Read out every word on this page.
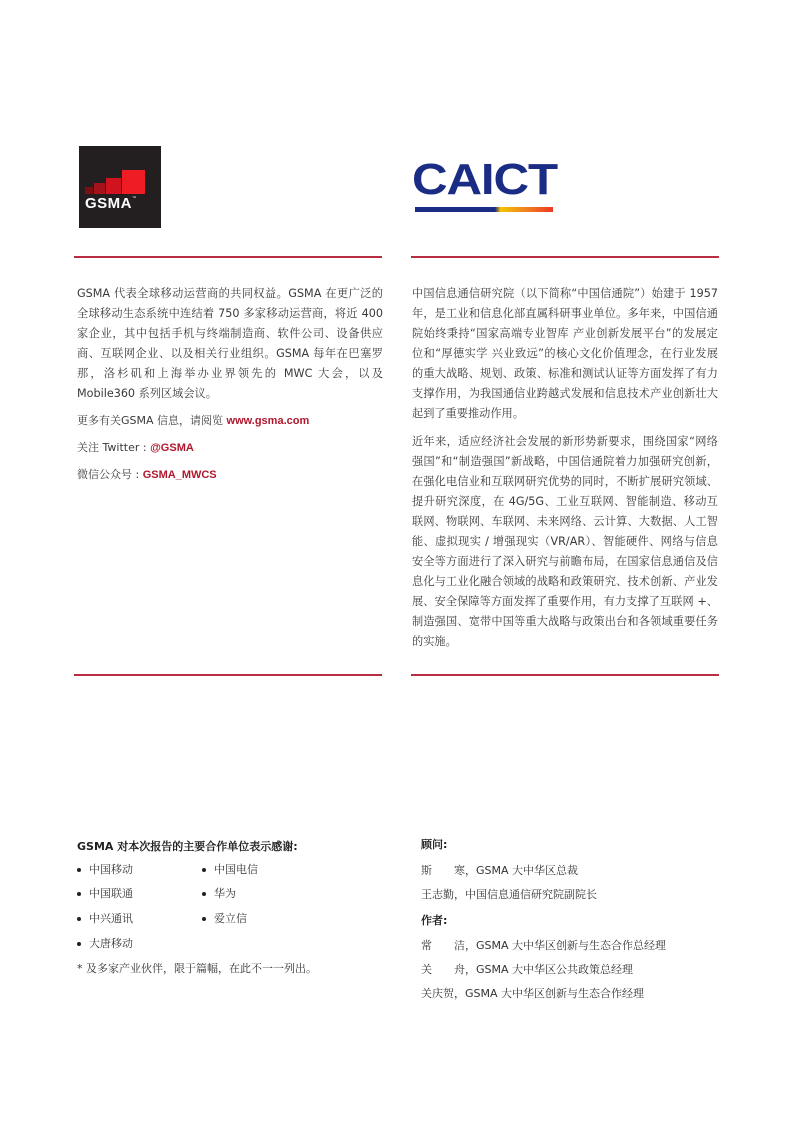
GSMA™	CAICT

GSMA 代表全球移动运营商的共同权益。GSMA 在更广泛的全球移动生态系统中连结着 750 多家移动运营商，将近 400 家企业，其中包括手机与终端制造商、软件公司、设备供应商、互联网企业、以及相关行业组织。GSMA 每年在巴塞罗那，洛杉矶和上海举办业界领先的 MWC 大会，以及 Mobile360 系列区域会议。

更多有关GSMA 信息，请阅览 www.gsma.com

关注 Twitter : @GSMA

微信公众号 : GSMA_MWCS

中国信息通信研究院（以下简称“中国信通院”）始建于 1957 年，是工业和信息化部直属科研事业单位。多年来，中国信通院始终秉持“国家高端专业智库 产业创新发展平台”的发展定位和“厚德实学 兴业致远”的核心文化价值理念，在行业发展的重大战略、规划、政策、标准和测试认证等方面发挥了有力支撑作用，为我国通信业跨越式发展和信息技术产业创新壮大起到了重要推动作用。

近年来，适应经济社会发展的新形势新要求，围绕国家“网络强国”和“制造强国”新战略，中国信通院着力加强研究创新，在强化电信业和互联网研究优势的同时，不断扩展研究领域、提升研究深度，在 4G/5G、工业互联网、智能制造、移动互联网、物联网、车联网、未来网络、云计算、大数据、人工智能、虚拟现实 / 增强现实（VR/AR）、智能硬件、网络与信息安全等方面进行了深入研究与前瞻布局，在国家信息通信及信息化与工业化融合领域的战略和政策研究、技术创新、产业发展、安全保障等方面发挥了重要作用，有力支撑了互联网 +、制造强国、宽带中国等重大战略与政策出台和各领域重要任务的实施。

GSMA 对本次报告的主要合作单位表示感谢:
中国移动	中国电信
中国联通	华为
中兴通讯	爱立信
大唐移动
* 及多家产业伙伴，限于篇幅，在此不一一列出。
顾问:
斯　　寒，GSMA 大中华区总裁
王志勤，中国信息通信研究院副院长
作者:
常　　洁，GSMA 大中华区创新与生态合作总经理
关　　舟，GSMA 大中华区公共政策总经理
关庆贺，GSMA 大中华区创新与生态合作经理
